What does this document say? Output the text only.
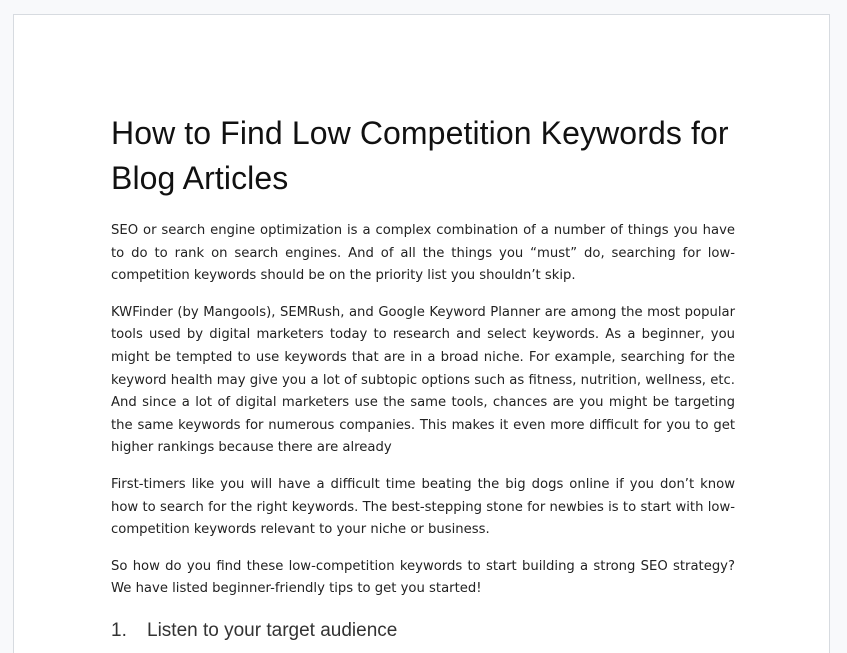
How to Find Low Competition Keywords for Blog Articles

SEO or search engine optimization is a complex combination of a number of things you have to do to rank on search engines. And of all the things you “must” do, searching for low-competition keywords should be on the priority list you shouldn’t skip.

KWFinder (by Mangools), SEMRush, and Google Keyword Planner are among the most popular tools used by digital marketers today to research and select keywords. As a beginner, you might be tempted to use keywords that are in a broad niche. For example, searching for the keyword health may give you a lot of subtopic options such as fitness, nutrition, wellness, etc. And since a lot of digital marketers use the same tools, chances are you might be targeting the same keywords for numerous companies. This makes it even more difficult for you to get higher rankings because there are already

First-timers like you will have a difficult time beating the big dogs online if you don’t know how to search for the right keywords. The best-stepping stone for newbies is to start with low-competition keywords relevant to your niche or business.

So how do you find these low-competition keywords to start building a strong SEO strategy? We have listed beginner-friendly tips to get you started!

1. Listen to your target audience
